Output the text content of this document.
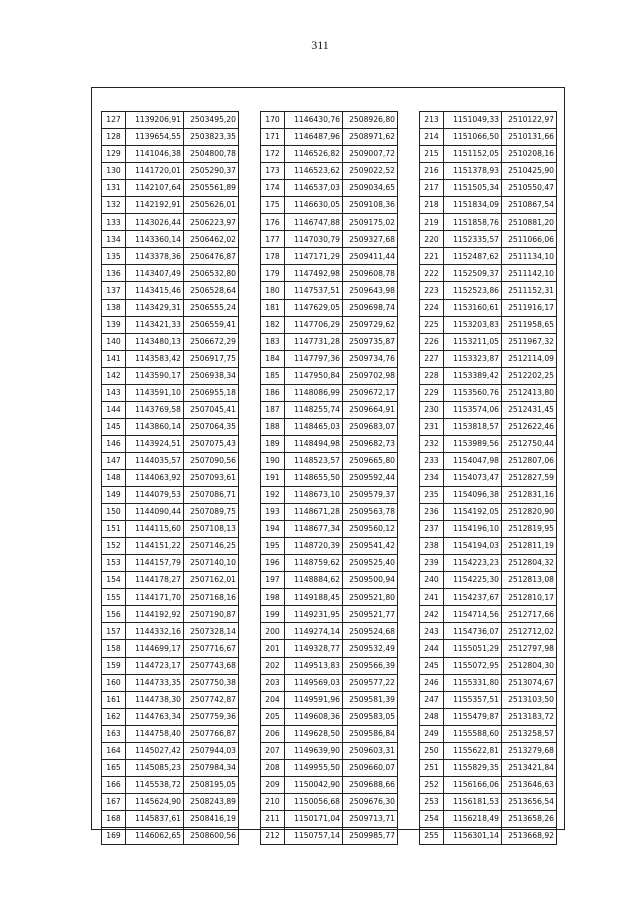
311
127	1139206,91	2503495,20
128	1139654,55	2503823,35
129	1141046,38	2504800,78
130	1141720,01	2505290,37
131	1142107,64	2505561,89
132	1142192,91	2505626,01
133	1143026,44	2506223,97
134	1143360,14	2506462,02
135	1143378,36	2506476,87
136	1143407,49	2506532,80
137	1143415,46	2506528,64
138	1143429,31	2506555,24
139	1143421,33	2506559,41
140	1143480,13	2506672,29
141	1143583,42	2506917,75
142	1143590,17	2506938,34
143	1143591,10	2506955,18
144	1143769,58	2507045,41
145	1143860,14	2507064,35
146	1143924,51	2507075,43
147	1144035,57	2507090,56
148	1144063,92	2507093,61
149	1144079,53	2507086,71
150	1144090,44	2507089,75
151	1144115,60	2507108,13
152	1144151,22	2507146,25
153	1144157,79	2507140,10
154	1144178,27	2507162,01
155	1144171,70	2507168,16
156	1144192,92	2507190,87
157	1144332,16	2507328,14
158	1144699,17	2507716,67
159	1144723,17	2507743,68
160	1144733,35	2507750,38
161	1144738,30	2507742,87
162	1144763,34	2507759,36
163	1144758,40	2507766,87
164	1145027,42	2507944,03
165	1145085,23	2507984,34
166	1145538,72	2508195,05
167	1145624,90	2508243,89
168	1145837,61	2508416,19
169	1146062,65	2508600,56
170	1146430,76	2508926,80
171	1146487,96	2508971,62
172	1146526,82	2509007,72
173	1146523,62	2509022,52
174	1146537,03	2509034,65
175	1146630,05	2509108,36
176	1146747,88	2509175,02
177	1147030,79	2509327,68
178	1147171,29	2509411,44
179	1147492,98	2509608,78
180	1147537,51	2509643,98
181	1147629,05	2509698,74
182	1147706,29	2509729,62
183	1147731,28	2509735,87
184	1147797,36	2509734,76
185	1147950,84	2509702,98
186	1148086,99	2509672,17
187	1148255,74	2509664,91
188	1148465,03	2509683,07
189	1148494,98	2509682,73
190	1148523,57	2509665,80
191	1148655,50	2509592,44
192	1148673,10	2509579,37
193	1148671,28	2509563,78
194	1148677,34	2509560,12
195	1148720,39	2509541,42
196	1148759,62	2509525,40
197	1148884,62	2509500,94
198	1149188,45	2509521,80
199	1149231,95	2509521,77
200	1149274,14	2509524,68
201	1149328,77	2509532,49
202	1149513,83	2509566,39
203	1149569,03	2509577,22
204	1149591,96	2509581,39
205	1149608,36	2509583,05
206	1149628,50	2509586,84
207	1149639,90	2509603,31
208	1149955,50	2509660,07
209	1150042,90	2509688,66
210	1150056,68	2509676,30
211	1150171,04	2509713,71
212	1150757,14	2509985,77
213	1151049,33	2510122,97
214	1151066,50	2510131,66
215	1151152,05	2510208,16
216	1151378,93	2510425,90
217	1151505,34	2510550,47
218	1151834,09	2510867,54
219	1151858,76	2510881,20
220	1152335,57	2511066,06
221	1152487,62	2511134,10
222	1152509,37	2511142,10
223	1152523,86	2511152,31
224	1153160,61	2511916,17
225	1153203,83	2511958,65
226	1153211,05	2511967,32
227	1153323,87	2512114,09
228	1153389,42	2512202,25
229	1153560,76	2512413,80
230	1153574,06	2512431,45
231	1153818,57	2512622,46
232	1153989,56	2512750,44
233	1154047,98	2512807,06
234	1154073,47	2512827,59
235	1154096,38	2512831,16
236	1154192,05	2512820,90
237	1154196,10	2512819,95
238	1154194,03	2512811,19
239	1154223,23	2512804,32
240	1154225,30	2512813,08
241	1154237,67	2512810,17
242	1154714,56	2512717,66
243	1154736,07	2512712,02
244	1155051,29	2512797,98
245	1155072,95	2512804,30
246	1155331,80	2513074,67
247	1155357,51	2513103,50
248	1155479,87	2513183,72
249	1155588,60	2513258,57
250	1155622,81	2513279,68
251	1155829,35	2513421,84
252	1156166,06	2513646,63
253	1156181,53	2513656,54
254	1156218,49	2513658,26
255	1156301,14	2513668,92
